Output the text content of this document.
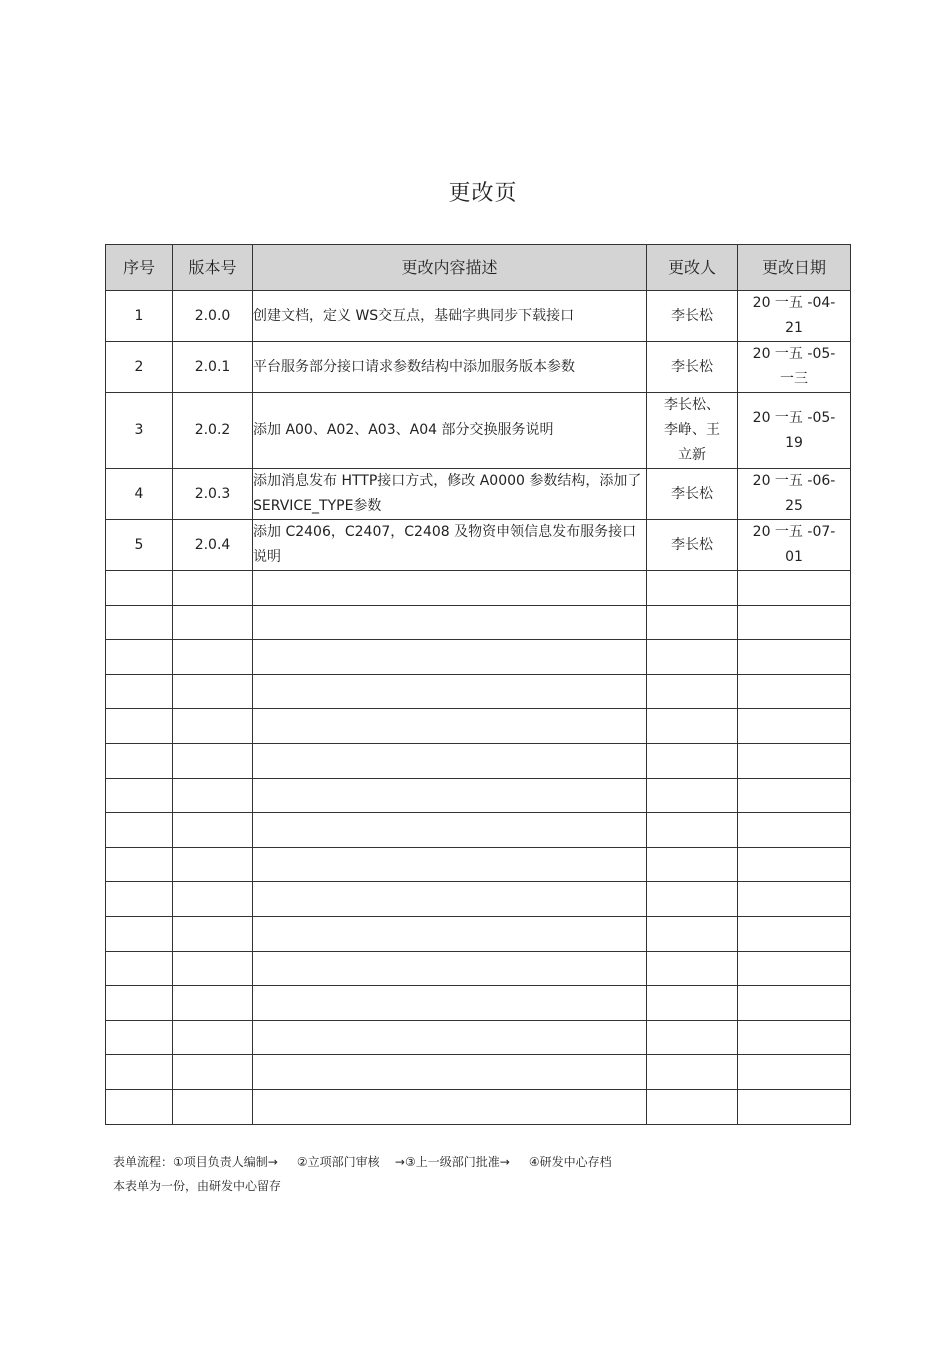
更改页
序号	版本号	更改内容描述	更改人	更改日期
1	2.0.0	创建文档，定义 WS交互点，基础字典同步下载接口	李长松	20 一五 -04-21
2	2.0.1	平台服务部分接口请求参数结构中添加服务版本参数	李长松	20 一五 -05-一三
3	2.0.2	添加 A00、A02、A03、A04 部分交换服务说明	李长松、李峥、王立新	20 一五 -05-19
4	2.0.3	添加消息发布 HTTP接口方式，修改 A0000 参数结构，添加了 SERVICE_TYPE参数	李长松	20 一五 -06-25
5	2.0.4	添加 C2406，C2407，C2408 及物资申领信息发布服务接口说明	李长松	20 一五 -07-01

表单流程：①项目负责人编制→     ②立项部门审核    →③上一级部门批准→     ④研发中心存档
本表单为一份，由研发中心留存
